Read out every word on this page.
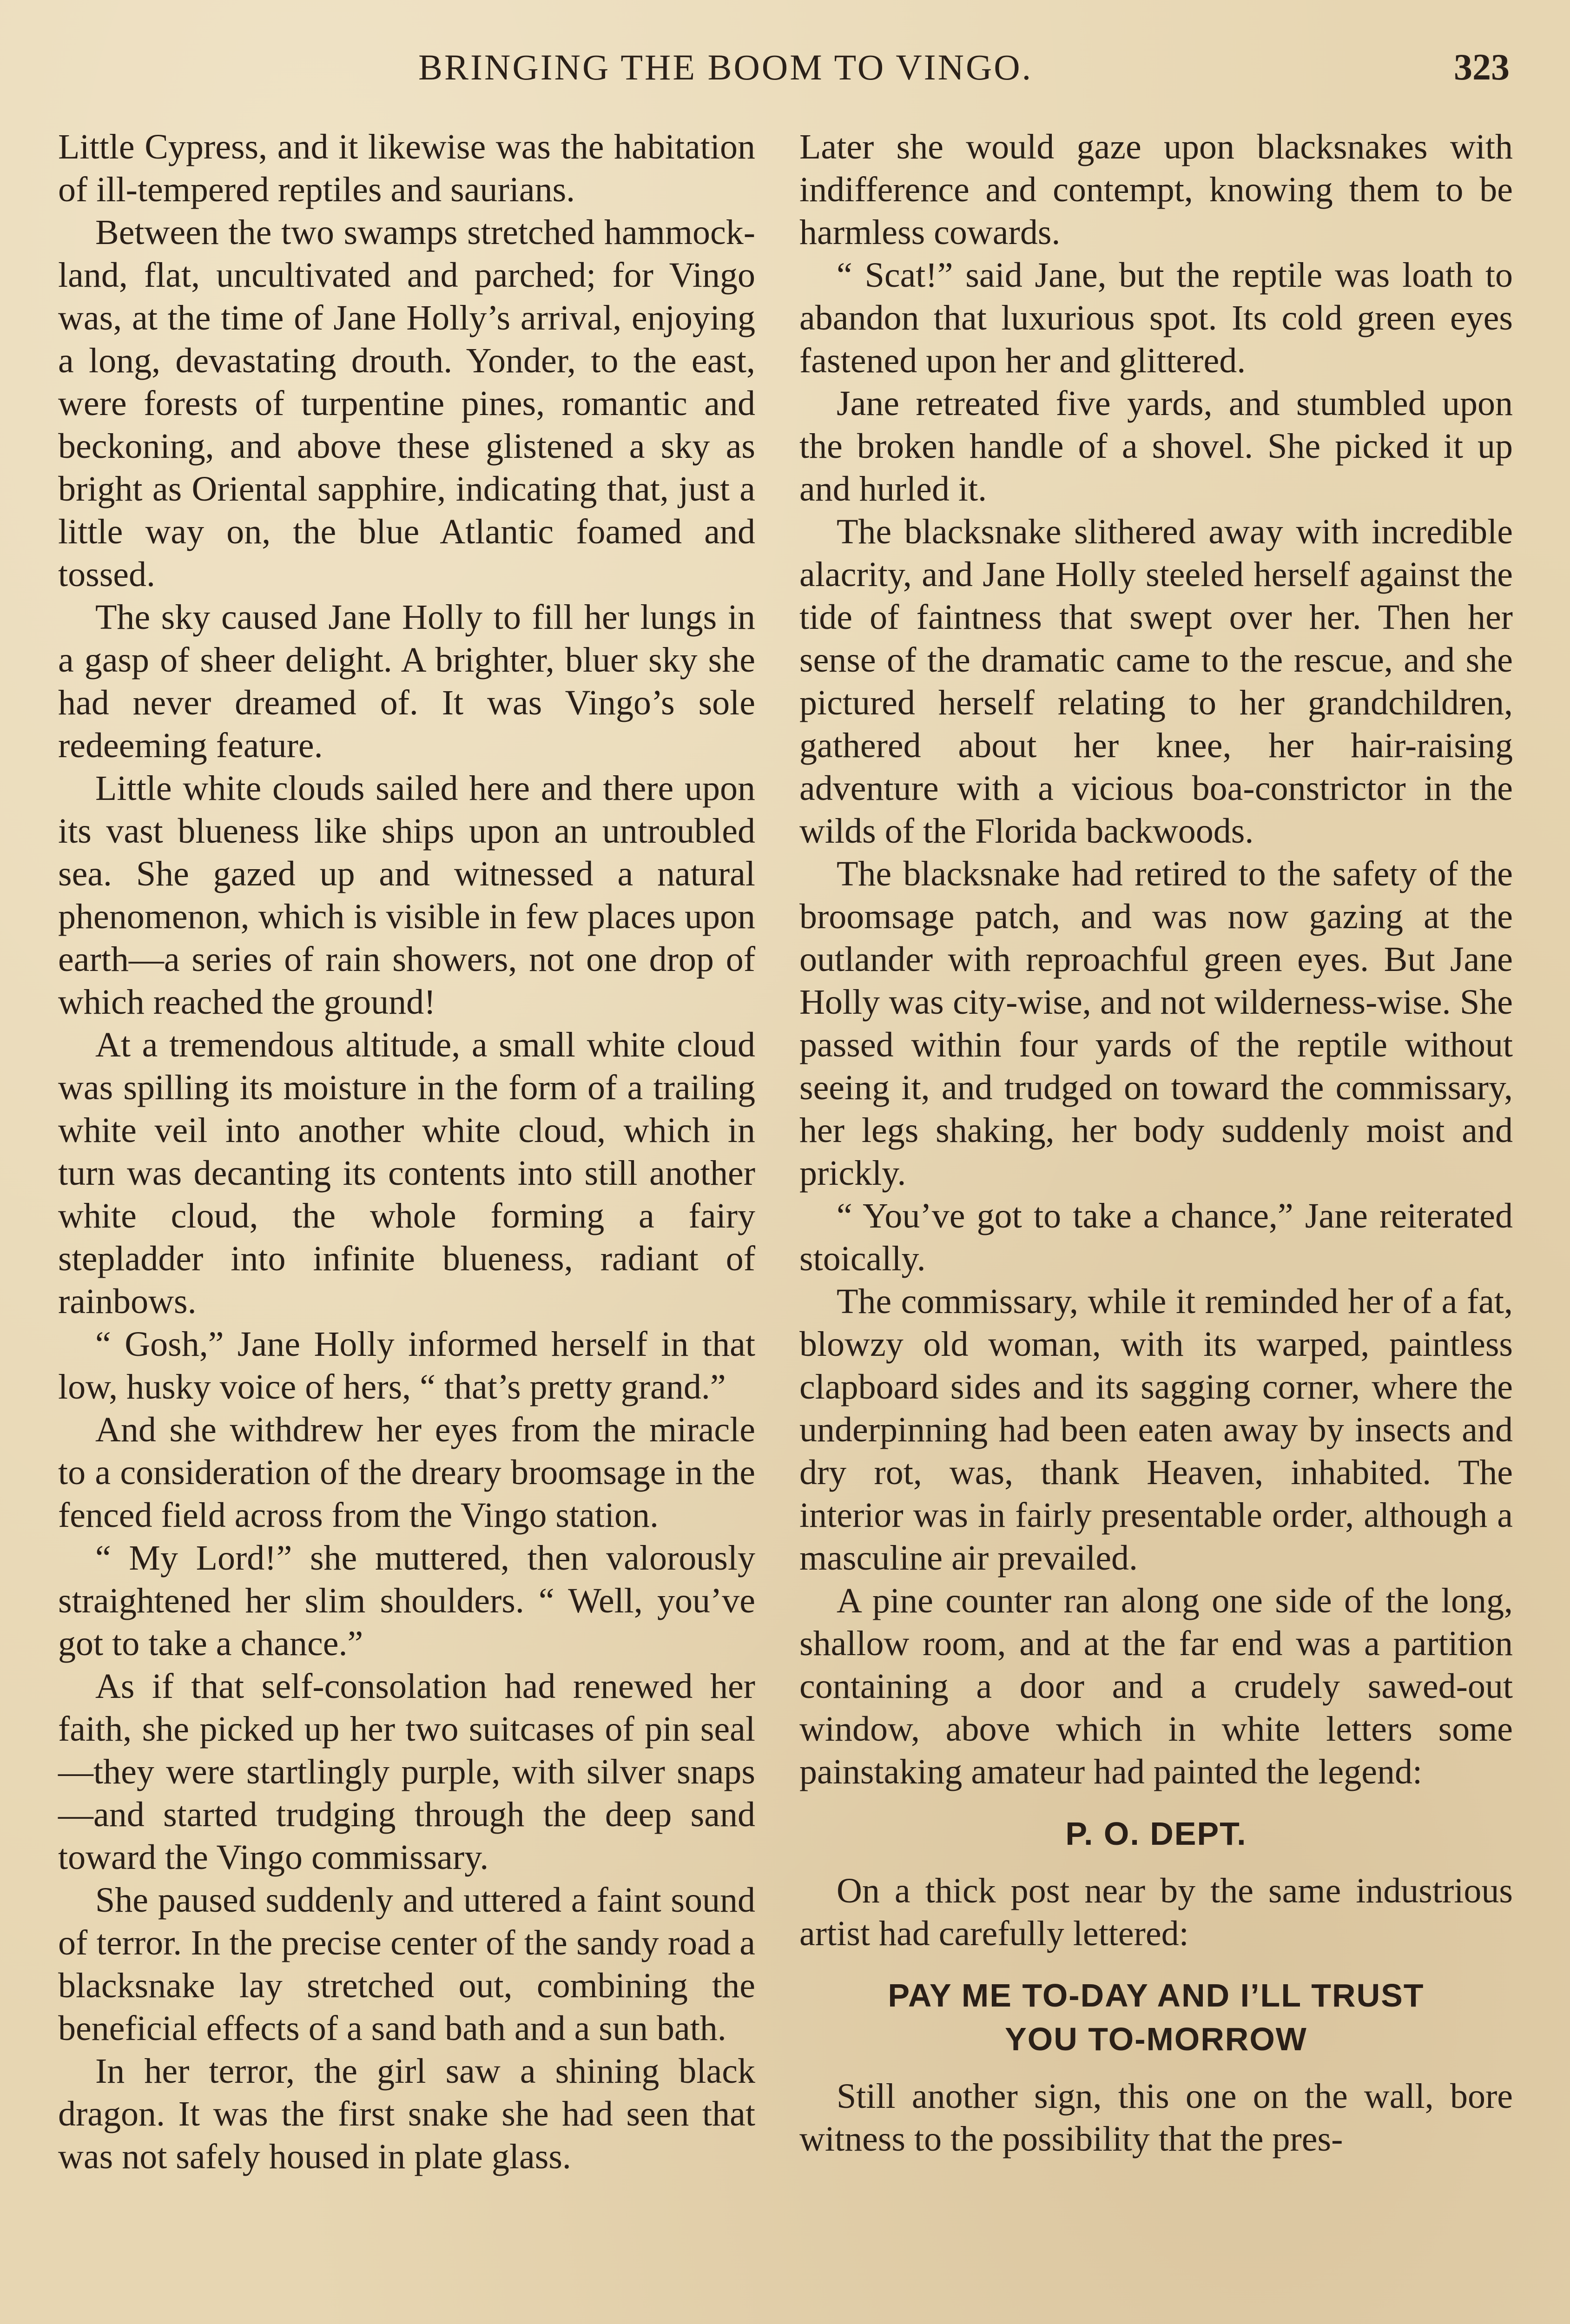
BRINGING THE BOOM TO VINGO.	323

Little Cypress, and it likewise was the habitation of ill-tempered reptiles and saurians.

Between the two swamps stretched hammock-land, flat, uncultivated and parched; for Vingo was, at the time of Jane Holly’s arrival, enjoying a long, devastating drouth. Yonder, to the east, were forests of turpentine pines, romantic and beckoning, and above these glistened a sky as bright as Oriental sapphire, indicating that, just a little way on, the blue Atlantic foamed and tossed.

The sky caused Jane Holly to fill her lungs in a gasp of sheer delight. A brighter, bluer sky she had never dreamed of. It was Vingo’s sole redeeming feature.

Little white clouds sailed here and there upon its vast blueness like ships upon an untroubled sea. She gazed up and witnessed a natural phenomenon, which is visible in few places upon earth—a series of rain showers, not one drop of which reached the ground!

At a tremendous altitude, a small white cloud was spilling its moisture in the form of a trailing white veil into another white cloud, which in turn was decanting its contents into still another white cloud, the whole forming a fairy stepladder into infinite blueness, radiant of rainbows.

“ Gosh,” Jane Holly informed herself in that low, husky voice of hers, “ that’s pretty grand.”

And she withdrew her eyes from the miracle to a consideration of the dreary broomsage in the fenced field across from the Vingo station.

“ My Lord!” she muttered, then valorously straightened her slim shoulders. “ Well, you’ve got to take a chance.”

As if that self-consolation had renewed her faith, she picked up her two suitcases of pin seal—they were startlingly purple, with silver snaps—and started trudging through the deep sand toward the Vingo commissary.

She paused suddenly and uttered a faint sound of terror. In the precise center of the sandy road a blacksnake lay stretched out, combining the beneficial effects of a sand bath and a sun bath.

In her terror, the girl saw a shining black dragon. It was the first snake she had seen that was not safely housed in plate glass.

Later she would gaze upon blacksnakes with indifference and contempt, knowing them to be harmless cowards.

“ Scat!” said Jane, but the reptile was loath to abandon that luxurious spot. Its cold green eyes fastened upon her and glittered.

Jane retreated five yards, and stumbled upon the broken handle of a shovel. She picked it up and hurled it.

The blacksnake slithered away with incredible alacrity, and Jane Holly steeled herself against the tide of faintness that swept over her. Then her sense of the dramatic came to the rescue, and she pictured herself relating to her grandchildren, gathered about her knee, her hair-raising adventure with a vicious boa-constrictor in the wilds of the Florida backwoods.

The blacksnake had retired to the safety of the broomsage patch, and was now gazing at the outlander with reproachful green eyes. But Jane Holly was city-wise, and not wilderness-wise. She passed within four yards of the reptile without seeing it, and trudged on toward the commissary, her legs shaking, her body suddenly moist and prickly.

“ You’ve got to take a chance,” Jane reiterated stoically.

The commissary, while it reminded her of a fat, blowzy old woman, with its warped, paintless clapboard sides and its sagging corner, where the underpinning had been eaten away by insects and dry rot, was, thank Heaven, inhabited. The interior was in fairly presentable order, although a masculine air prevailed.

A pine counter ran along one side of the long, shallow room, and at the far end was a partition containing a door and a crudely sawed-out window, above which in white letters some painstaking amateur had painted the legend:

P. O. DEPT.

On a thick post near by the same industrious artist had carefully lettered:

PAY ME TO-DAY AND I’LL TRUST
YOU TO-MORROW

Still another sign, this one on the wall, bore witness to the possibility that the pres-
